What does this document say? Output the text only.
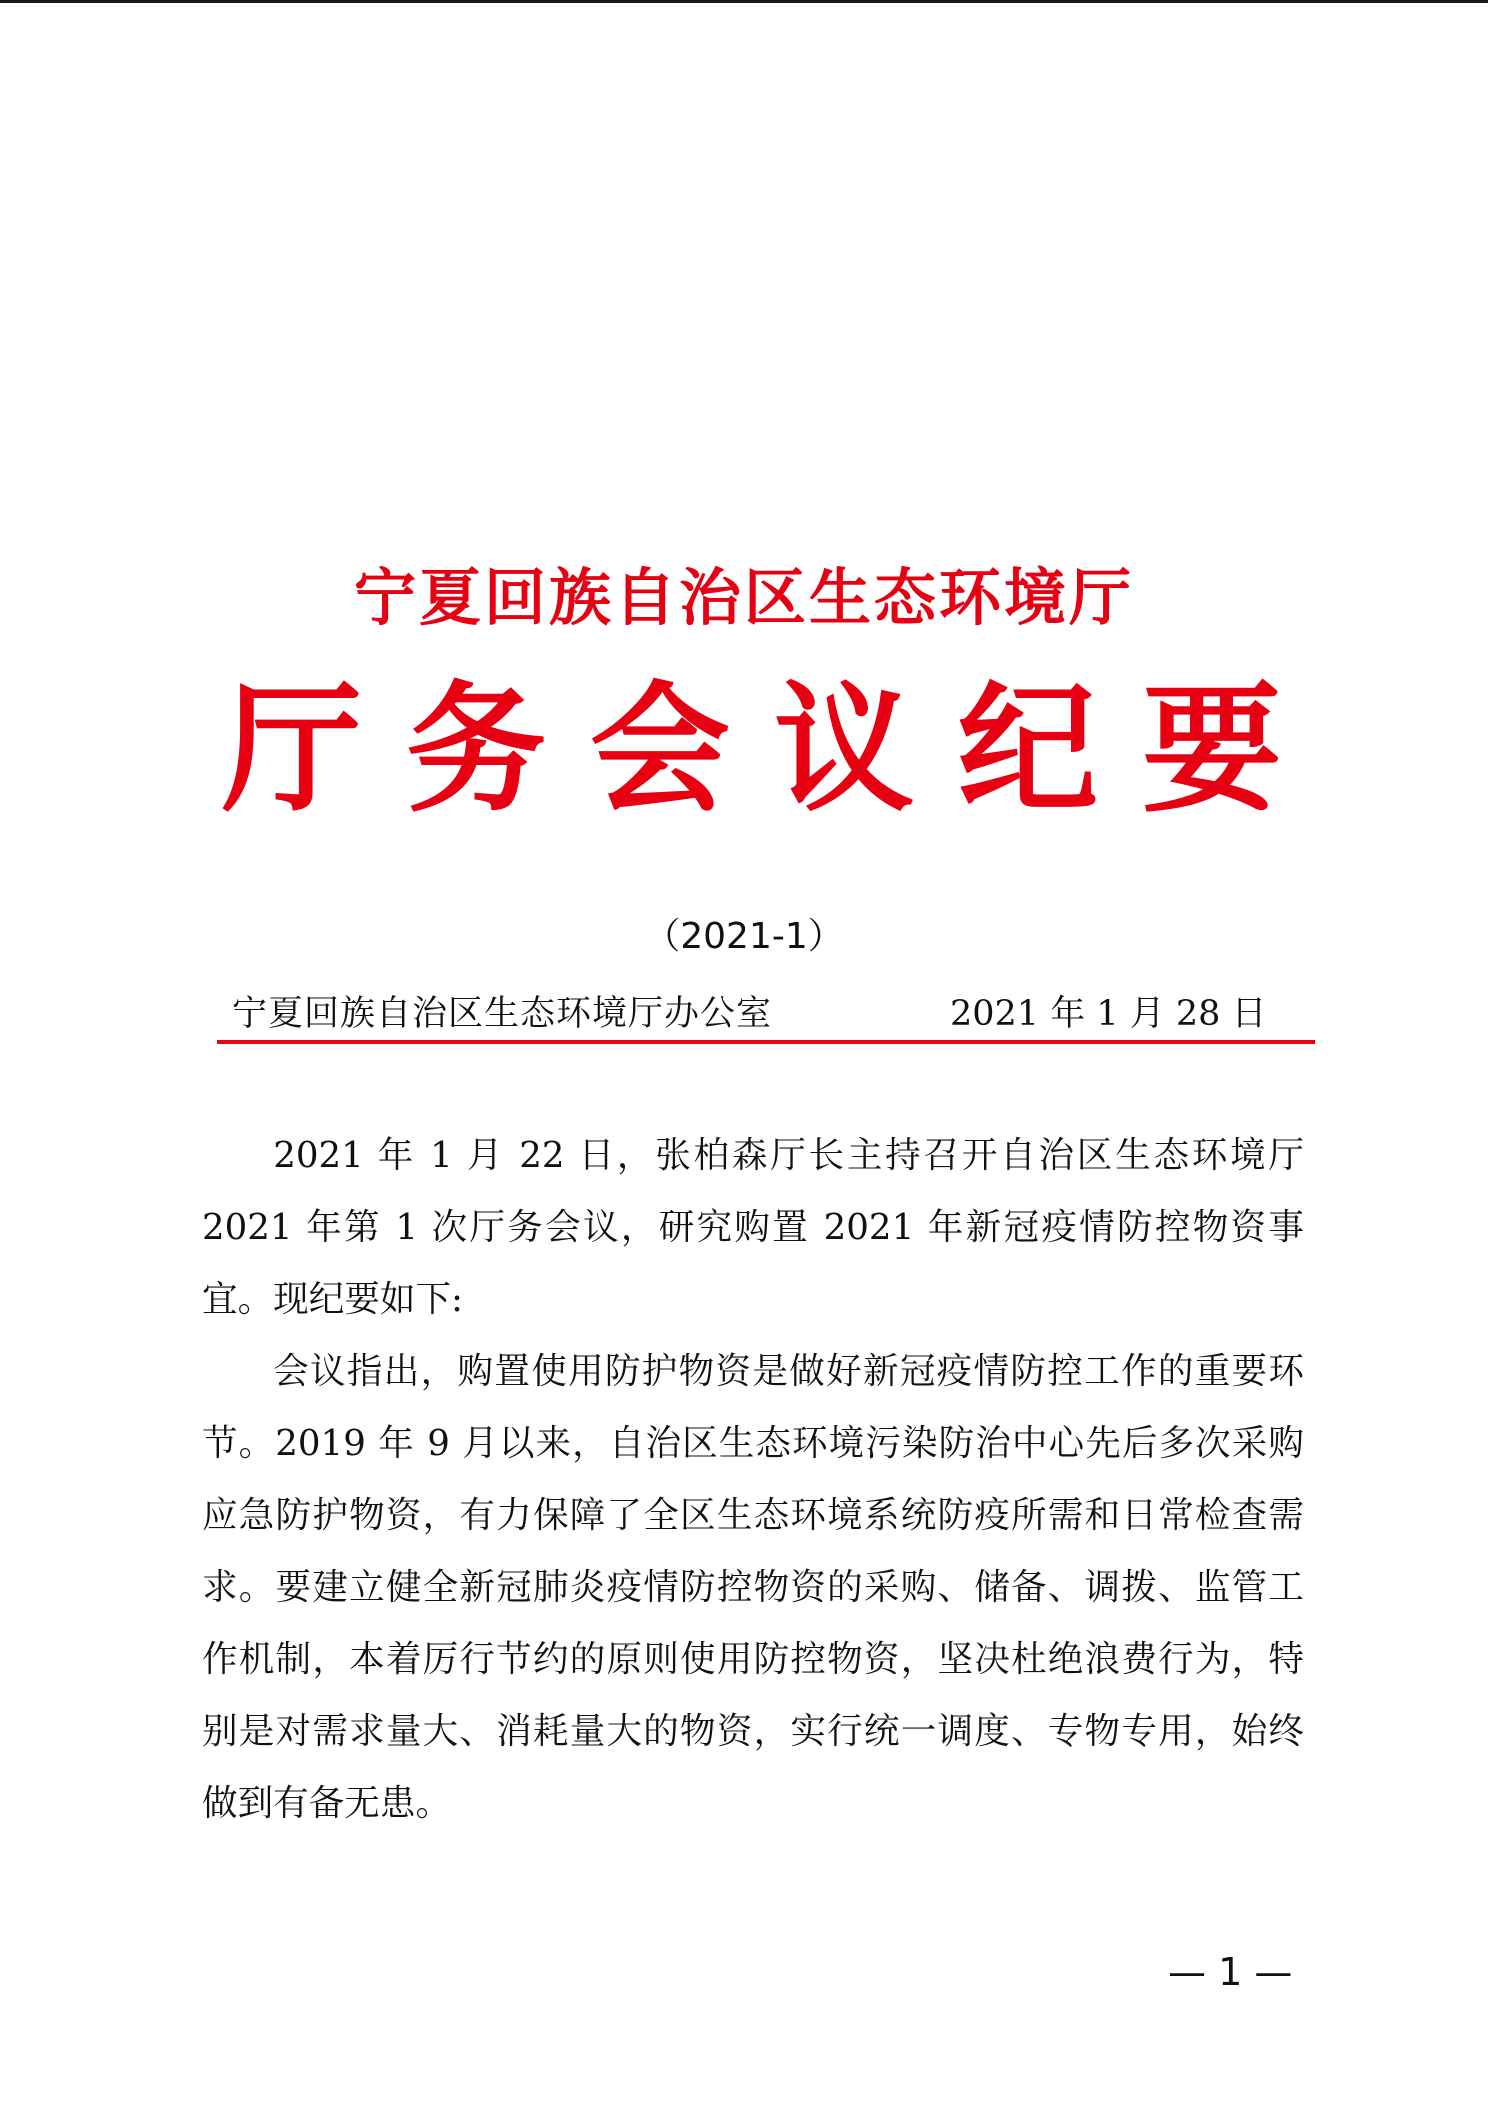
宁夏回族自治区生态环境厅
厅 务 会 议 纪 要
（2021-1）
宁夏回族自治区生态环境厅办公室	2021 年 1 月 28 日

2021 年 1 月 22 日，张柏森厅长主持召开自治区生态环境厅 2021 年第 1 次厅务会议，研究购置 2021 年新冠疫情防控物资事宜。现纪要如下:

会议指出，购置使用防护物资是做好新冠疫情防控工作的重要环节。2019 年 9 月以来，自治区生态环境污染防治中心先后多次采购应急防护物资，有力保障了全区生态环境系统防疫所需和日常检查需求。要建立健全新冠肺炎疫情防控物资的采购、储备、调拨、监管工作机制，本着厉行节约的原则使用防控物资，坚决杜绝浪费行为，特别是对需求量大、消耗量大的物资，实行统一调度、专物专用，始终做到有备无患。

— 1 —
